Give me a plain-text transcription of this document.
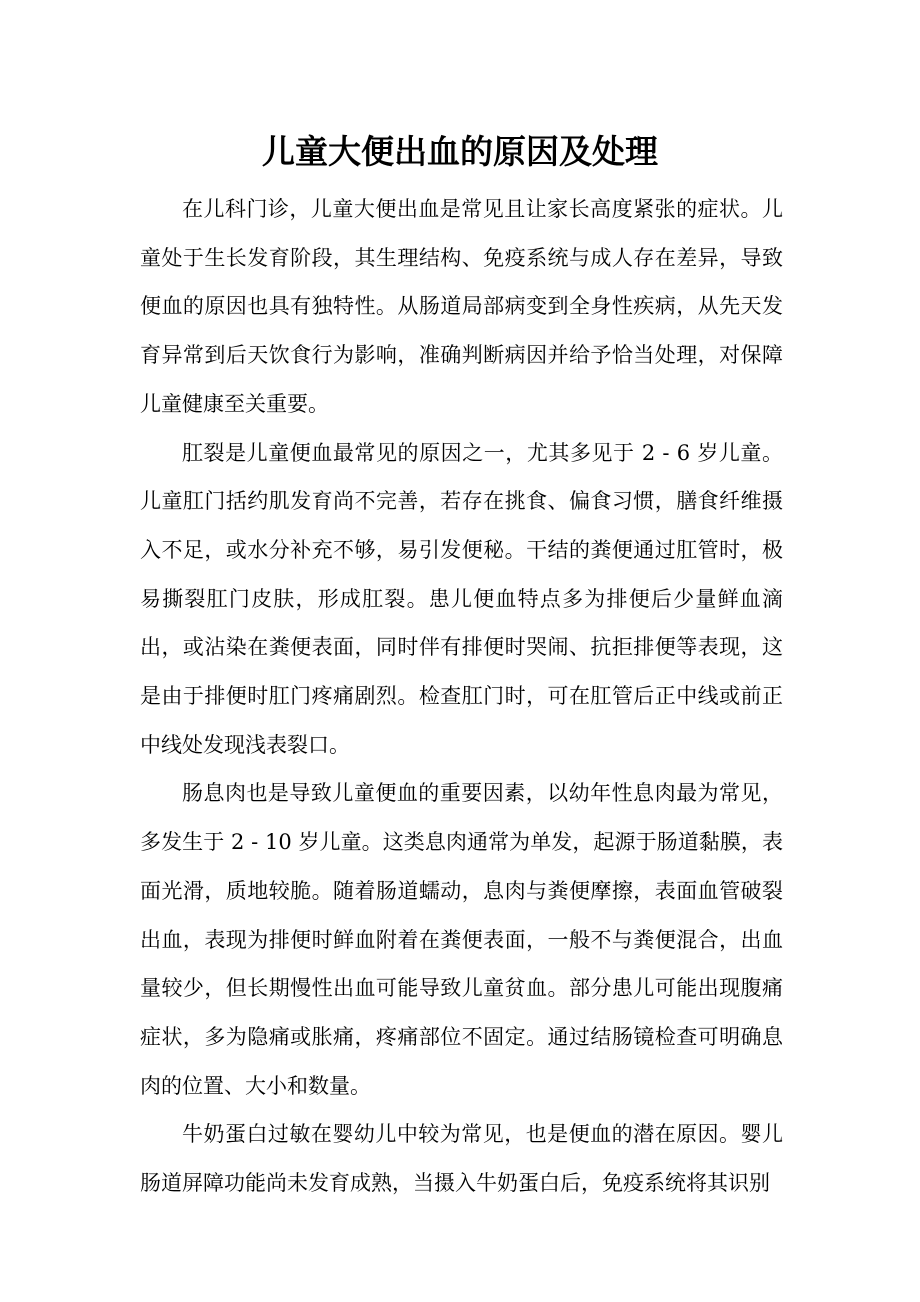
儿童大便出血的原因及处理

在儿科门诊，儿童大便出血是常见且让家长高度紧张的症状。儿童处于生长发育阶段，其生理结构、免疫系统与成人存在差异，导致便血的原因也具有独特性。从肠道局部病变到全身性疾病，从先天发育异常到后天饮食行为影响，准确判断病因并给予恰当处理，对保障儿童健康至关重要。

肛裂是儿童便血最常见的原因之一，尤其多见于 2 - 6 岁儿童。儿童肛门括约肌发育尚不完善，若存在挑食、偏食习惯，膳食纤维摄入不足，或水分补充不够，易引发便秘。干结的粪便通过肛管时，极易撕裂肛门皮肤，形成肛裂。患儿便血特点多为排便后少量鲜血滴出，或沾染在粪便表面，同时伴有排便时哭闹、抗拒排便等表现，这是由于排便时肛门疼痛剧烈。检查肛门时，可在肛管后正中线或前正中线处发现浅表裂口。

肠息肉也是导致儿童便血的重要因素，以幼年性息肉最为常见，多发生于 2 - 10 岁儿童。这类息肉通常为单发，起源于肠道黏膜，表面光滑，质地较脆。随着肠道蠕动，息肉与粪便摩擦，表面血管破裂出血，表现为排便时鲜血附着在粪便表面，一般不与粪便混合，出血量较少，但长期慢性出血可能导致儿童贫血。部分患儿可能出现腹痛症状，多为隐痛或胀痛，疼痛部位不固定。通过结肠镜检查可明确息肉的位置、大小和数量。

牛奶蛋白过敏在婴幼儿中较为常见，也是便血的潜在原因。婴儿肠道屏障功能尚未发育成熟，当摄入牛奶蛋白后，免疫系统将其识别
